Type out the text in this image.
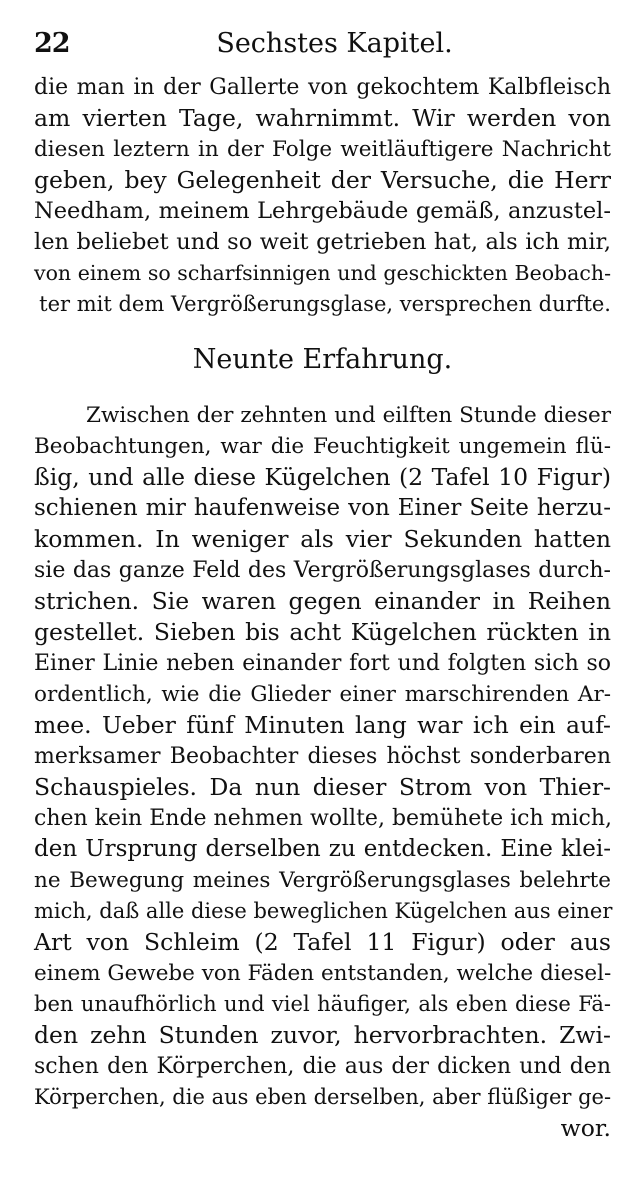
22	Sechstes Kapitel.
die man in der Gallerte von gekochtem Kalbfleisch
am vierten Tage, wahrnimmt. Wir werden von
diesen leztern in der Folge weitläuftigere Nachricht
geben, bey Gelegenheit der Versuche, die Herr
Needham, meinem Lehrgebäude gemäß, anzustel-
len beliebet und so weit getrieben hat, als ich mir,
von einem so scharfsinnigen und geschickten Beobach-
ter mit dem Vergrößerungsglase, versprechen durfte.
Neunte Erfahrung.
Zwischen der zehnten und eilften Stunde dieser
Beobachtungen, war die Feuchtigkeit ungemein flü-
ßig, und alle diese Kügelchen (2 Tafel 10 Figur)
schienen mir haufenweise von Einer Seite herzu-
kommen. In weniger als vier Sekunden hatten
sie das ganze Feld des Vergrößerungsglases durch-
strichen. Sie waren gegen einander in Reihen
gestellet. Sieben bis acht Kügelchen rückten in
Einer Linie neben einander fort und folgten sich so
ordentlich, wie die Glieder einer marschirenden Ar-
mee. Ueber fünf Minuten lang war ich ein auf-
merksamer Beobachter dieses höchst sonderbaren
Schauspieles. Da nun dieser Strom von Thier-
chen kein Ende nehmen wollte, bemühete ich mich,
den Ursprung derselben zu entdecken. Eine klei-
ne Bewegung meines Vergrößerungsglases belehrte
mich, daß alle diese beweglichen Kügelchen aus einer
Art von Schleim (2 Tafel 11 Figur) oder aus
einem Gewebe von Fäden entstanden, welche diesel-
ben unaufhörlich und viel häufiger, als eben diese Fä-
den zehn Stunden zuvor, hervorbrachten. Zwi-
schen den Körperchen, die aus der dicken und den
Körperchen, die aus eben derselben, aber flüßiger ge-
wor.
